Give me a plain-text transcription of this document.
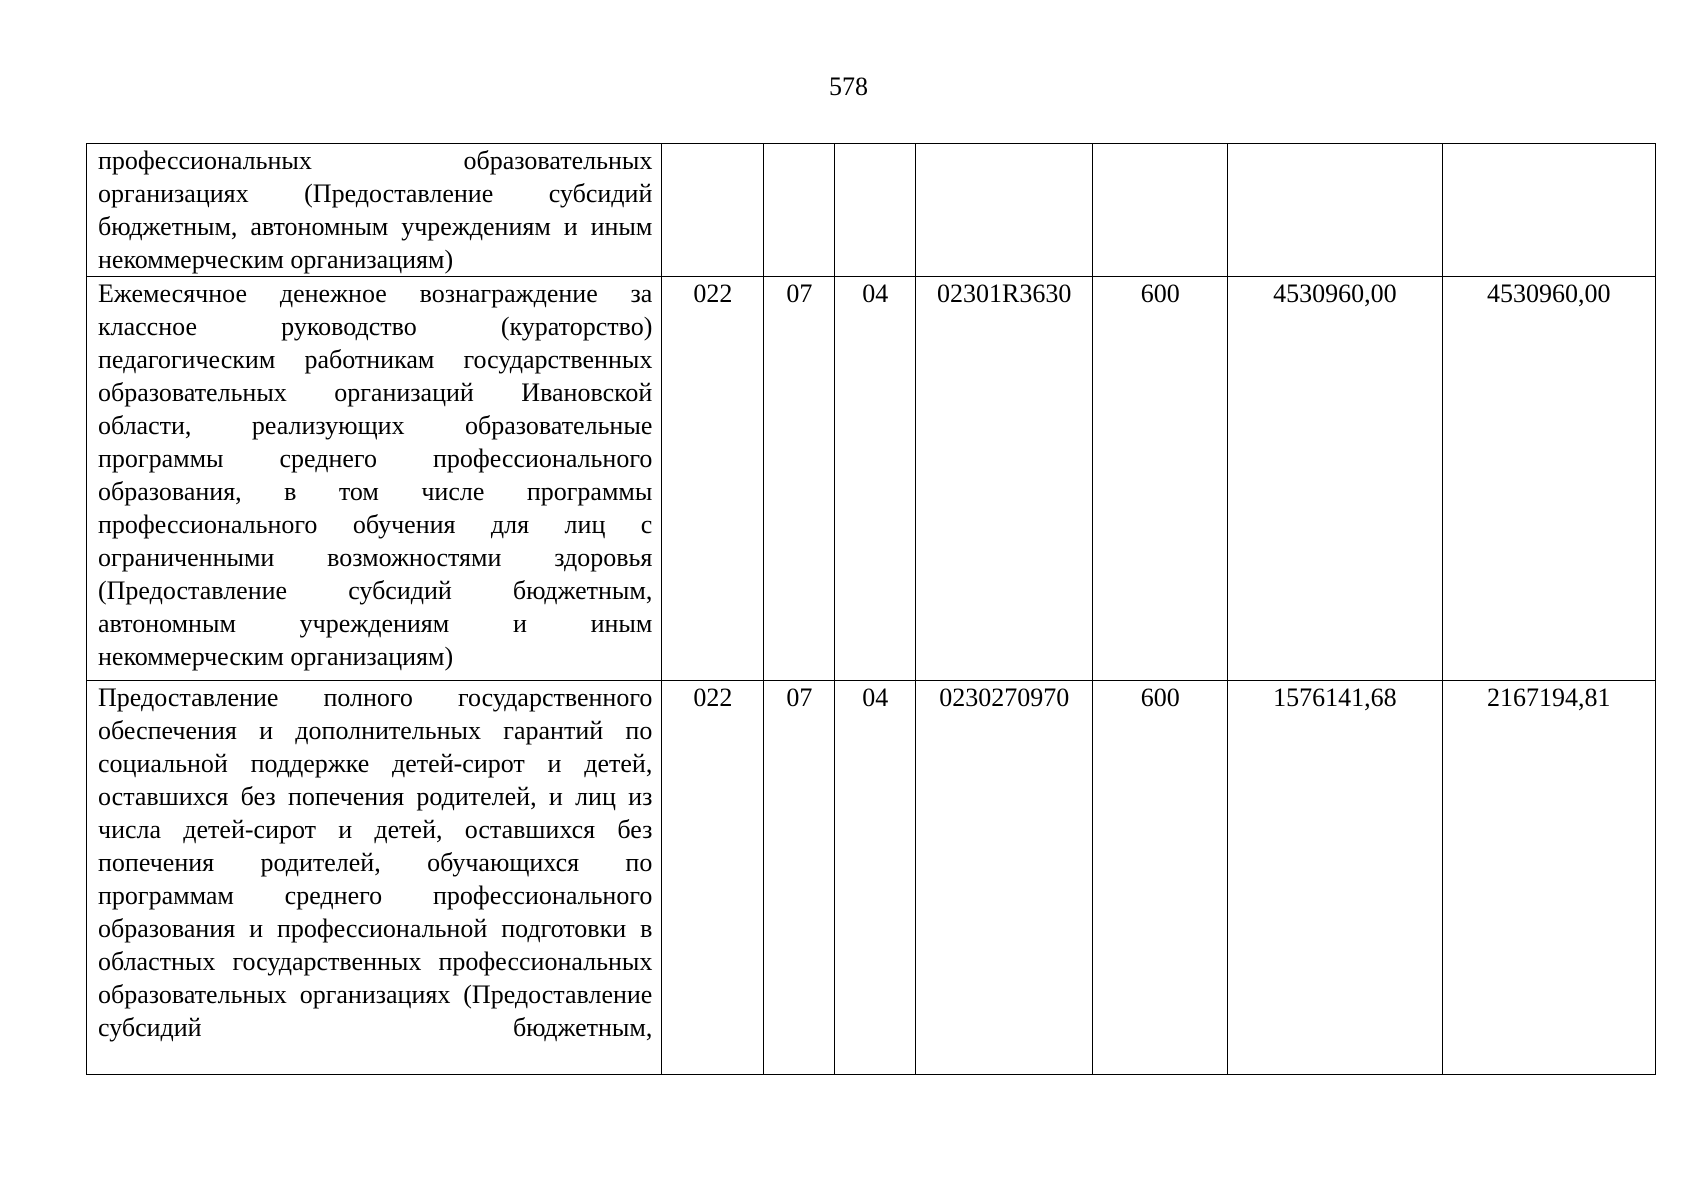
578
профессиональных образовательных организациях (Предоставление субсидий бюджетным, автономным учреждениям и иным некоммерческим организациям)							

Ежемесячное денежное вознаграждение за классное руководство (кураторство) педагогическим работникам государственных образовательных организаций Ивановской области, реализующих образовательные программы среднего профессионального образования, в том числе программы профессионального обучения для лиц с ограниченными возможностями здоровья (Предоставление субсидий бюджетным, автономным учреждениям и иным некоммерческим организациям)	022	07	04	02301R3630	600	4530960,00	4530960,00

Предоставление полного государственного обеспечения и дополнительных гарантий по социальной поддержке детей-сирот и детей, оставшихся без попечения родителей, и лиц из числа детей-сирот и детей, оставшихся без попечения родителей, обучающихся по программам среднего профессионального образования и профессиональной подготовки в областных государственных профессиональных образовательных организациях (Предоставление субсидий бюджетным,	022	07	04	0230270970	600	1576141,68	2167194,81
